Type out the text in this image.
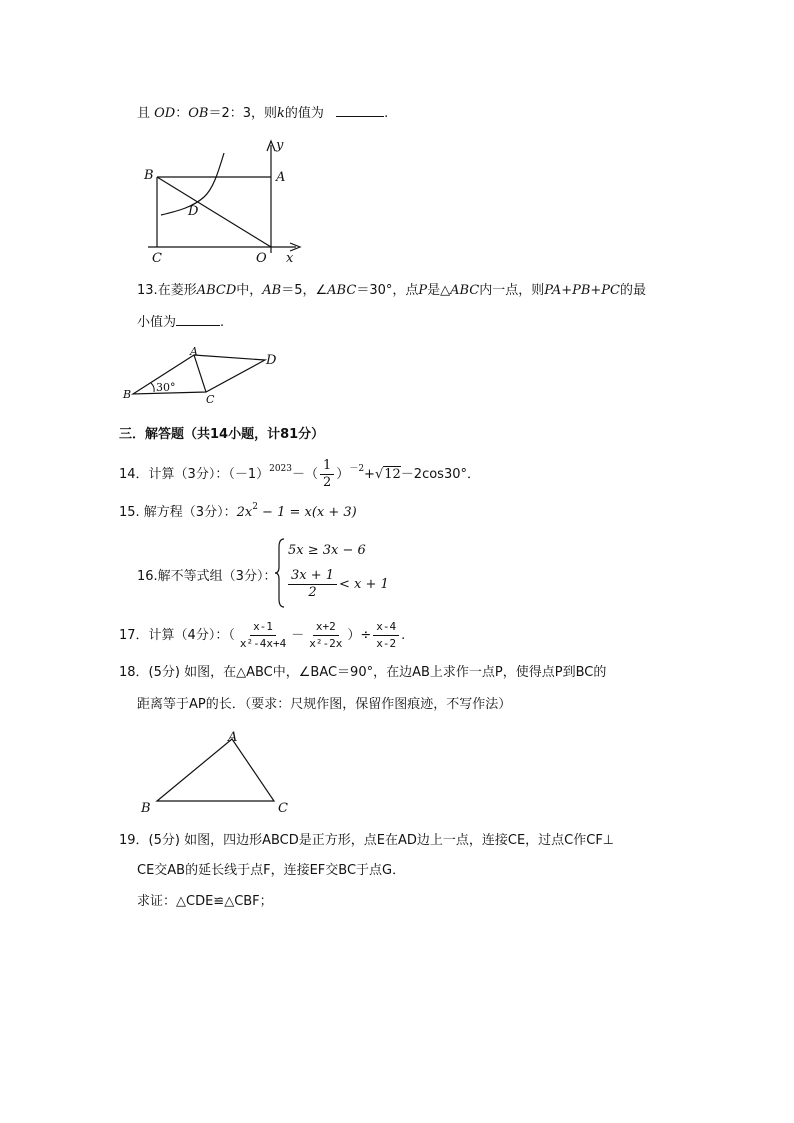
且 OD：OB＝2：3，则k的值为	.
B	A
D
C	O x
y
13.在菱形ABCD中，AB＝5，∠ABC＝30°，点P是△ABC内一点，则PA+PB+PC的最
小值为	.
A
D
B	C
30°
三．解答题（共14小题，计81分）
14．计算（3分）：$(-1)^{2023}-( \frac{1}{2} )^{-2}+√12-2\cos 30^\circ$．
15. 解方程（3分）：$2x^2 - 1 = x(x + 3)$
16.解不等式组（3分）：
5x ≥ 3x − 6
$\frac{3x + 1}{2} < x + 1$
17．计算（4分）：（ $\frac{x-1}{\text{x²-4x+4}} - \frac{x+2}{\text{x²-2x}}$ ）÷ $\frac{x-4}{x-2}$ .
18．(5分) 如图，在△ABC中，∠BAC＝90°，在边AB上求作一点P，使得点P到BC的
距离等于AP的长．（要求：尺规作图，保留作图痕迹，不写作法）
A
B	C
19．(5分) 如图，四边形ABCD是正方形，点E在AD边上一点，连接CE，过点C作CF⊥
CE交AB的延长线于点F，连接EF交BC于点G．
求证：△CDE≌△CBF；
